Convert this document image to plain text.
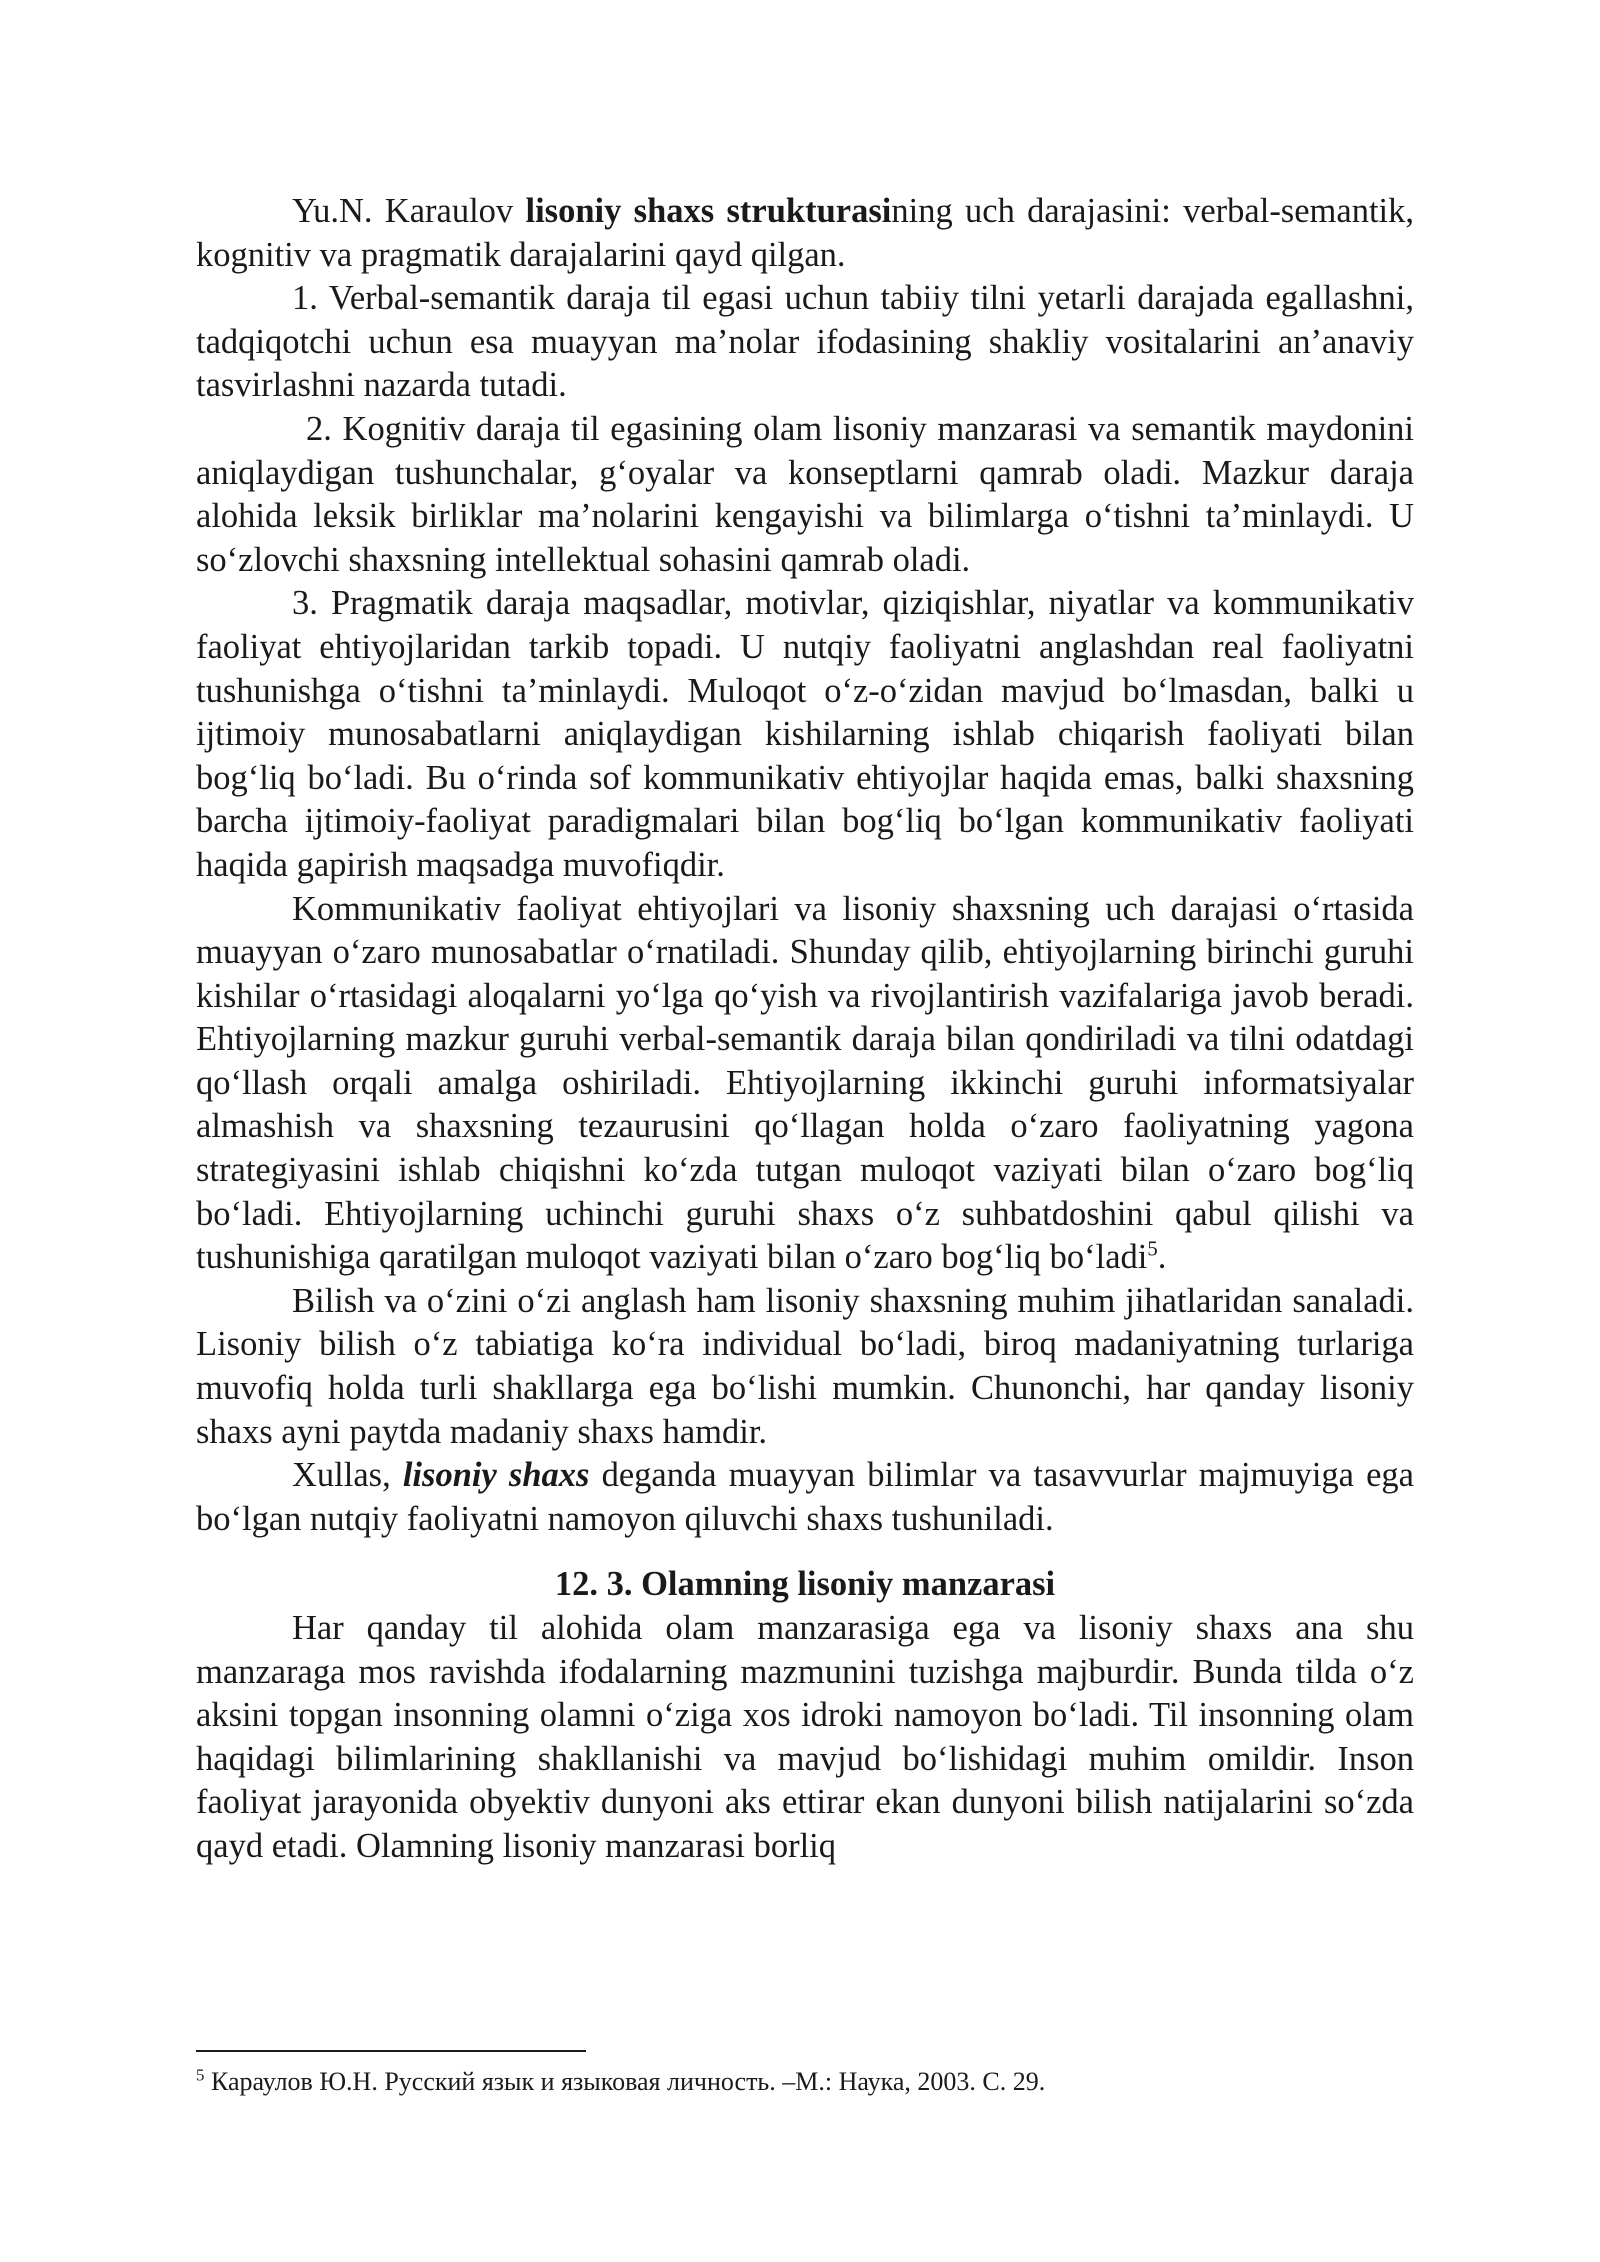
Yu.N. Karaulov lisoniy shaxs strukturasining uch darajasini: verbal-semantik, kognitiv va pragmatik darajalarini qayd qilgan.

1. Verbal-semantik daraja til egasi uchun tabiiy tilni yetarli darajada egallashni, tadqiqotchi uchun esa muayyan ma’nolar ifodasining shakliy vositalarini an’anaviy tasvirlashni nazarda tutadi.

2. Kognitiv daraja til egasining olam lisoniy manzarasi va semantik maydonini aniqlaydigan tushunchalar, g‘oyalar va konseptlarni qamrab oladi. Mazkur daraja alohida leksik birliklar ma’nolarini kengayishi va bilimlarga o‘tishni ta’minlaydi. U so‘zlovchi shaxsning intellektual sohasini qamrab oladi.

3. Pragmatik daraja maqsadlar, motivlar, qiziqishlar, niyatlar va kommunikativ faoliyat ehtiyojlaridan tarkib topadi. U nutqiy faoliyatni anglashdan real faoliyatni tushunishga o‘tishni ta’minlaydi. Muloqot o‘z-o‘zidan mavjud bo‘lmasdan, balki u ijtimoiy munosabatlarni aniqlaydigan kishilarning ishlab chiqarish faoliyati bilan bog‘liq bo‘ladi. Bu o‘rinda sof kommunikativ ehtiyojlar haqida emas, balki shaxsning barcha ijtimoiy-faoliyat paradigmalari bilan bog‘liq bo‘lgan kommunikativ faoliyati haqida gapirish maqsadga muvofiqdir.

Kommunikativ faoliyat ehtiyojlari va lisoniy shaxsning uch darajasi o‘rtasida muayyan o‘zaro munosabatlar o‘rnatiladi. Shunday qilib, ehtiyojlarning birinchi guruhi kishilar o‘rtasidagi aloqalarni yo‘lga qo‘yish va rivojlantirish vazifalariga javob beradi. Ehtiyojlarning mazkur guruhi verbal-semantik daraja bilan qondiriladi va tilni odatdagi qo‘llash orqali amalga oshiriladi. Ehtiyojlarning ikkinchi guruhi informatsiyalar almashish va shaxsning tezaurusini qo‘llagan holda o‘zaro faoliyatning yagona strategiyasini ishlab chiqishni ko‘zda tutgan muloqot vaziyati bilan o‘zaro bog‘liq bo‘ladi. Ehtiyojlarning uchinchi guruhi shaxs o‘z suhbatdoshini qabul qilishi va tushunishiga qaratilgan muloqot vaziyati bilan o‘zaro bog‘liq bo‘ladi$^5$.

Bilish va o‘zini o‘zi anglash ham lisoniy shaxsning muhim jihatlaridan sanaladi. Lisoniy bilish o‘z tabiatiga ko‘ra individual bo‘ladi, biroq madaniyatning turlariga muvofiq holda turli shakllarga ega bo‘lishi mumkin. Chunonchi, har qanday lisoniy shaxs ayni paytda madaniy shaxs hamdir.

Xullas, lisoniy shaxs deganda muayyan bilimlar va tasavvurlar majmuyiga ega bo‘lgan nutqiy faoliyatni namoyon qiluvchi shaxs tushuniladi.

12. 3. Olamning lisoniy manzarasi

Har qanday til alohida olam manzarasiga ega va lisoniy shaxs ana shu manzaraga mos ravishda ifodalarning mazmunini tuzishga majburdir. Bunda tilda o‘z aksini topgan insonning olamni o‘ziga xos idroki namoyon bo‘ladi. Til insonning olam haqidagi bilimlarining shakllanishi va mavjud bo‘lishidagi muhim omildir. Inson faoliyat jarayonida obyektiv dunyoni aks ettirar ekan dunyoni bilish natijalarini so‘zda qayd etadi. Olamning lisoniy manzarasi borliq

$^5$ Караулов Ю.Н. Русский язык и языковая личность. –М.: Наука, 2003. С. 29.
